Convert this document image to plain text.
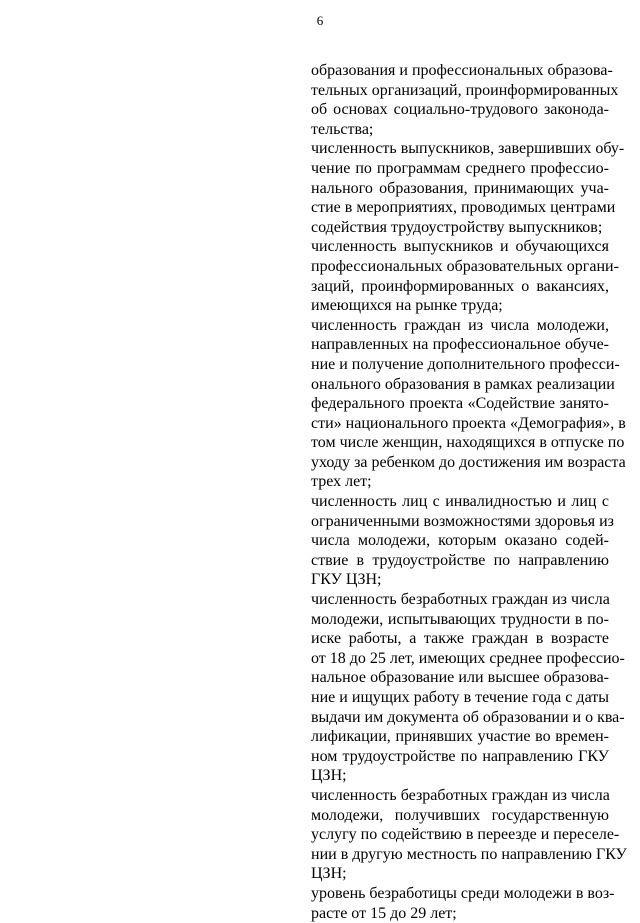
6
образования и профессиональных образова-
тельных организаций, проинформированных
об основах социально-трудового законода-
тельства;
численность выпускников, завершивших обу-
чение по программам среднего профессио-
нального образования, принимающих уча-
стие в мероприятиях, проводимых центрами
содействия трудоустройству выпускников;
численность выпускников и обучающихся
профессиональных образовательных органи-
заций, проинформированных о вакансиях,
имеющихся на рынке труда;
численность граждан из числа молодежи,
направленных на профессиональное обуче-
ние и получение дополнительного професси-
онального образования в рамках реализации
федерального проекта «Содействие занято-
сти» национального проекта «Демография», в
том числе женщин, находящихся в отпуске по
уходу за ребенком до достижения им возраста
трех лет;
численность лиц с инвалидностью и лиц с
ограниченными возможностями здоровья из
числа молодежи, которым оказано содей-
ствие в трудоустройстве по направлению
ГКУ ЦЗН;
численность безработных граждан из числа
молодежи, испытывающих трудности в по-
иске работы, а также граждан в возрасте
от 18 до 25 лет, имеющих среднее профессио-
нальное образование или высшее образова-
ние и ищущих работу в течение года с даты
выдачи им документа об образовании и о ква-
лификации, принявших участие во времен-
ном трудоустройстве по направлению ГКУ
ЦЗН;
численность безработных граждан из числа
молодежи, получивших государственную
услугу по содействию в переезде и переселе-
нии в другую местность по направлению ГКУ
ЦЗН;
уровень безработицы среди молодежи в воз-
расте от 15 до 29 лет;
